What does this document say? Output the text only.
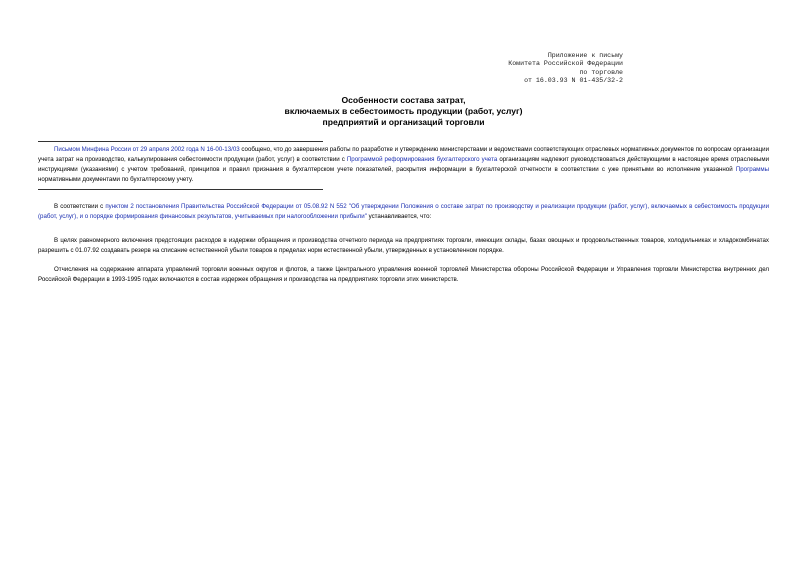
Приложение к письму
Комитета Российской Федерации
по торговле
от 16.03.93 N 01-435/32-2
Особенности состава затрат,
включаемых в себестоимость продукции (работ, услуг)
предприятий и организаций торговли
Письмом Минфина России от 29 апреля 2002 года N 16-00-13/03 сообщено, что до завершения работы по разработке и утверждению министерствами и ведомствами соответствующих отраслевых нормативных документов по вопросам организации учета затрат на производство, калькулирования себестоимости продукции (работ, услуг) в соответствии с Программой реформирования бухгалтерского учета организациям надлежит руководствоваться действующими в настоящее время отраслевыми инструкциями (указаниями) с учетом требований, принципов и правил признания в бухгалтерском учете показателей, раскрытия информации в бухгалтерской отчетности в соответствии с уже принятыми во исполнение указанной Программы нормативными документами по бухгалтерскому учету.
В соответствии с пунктом 2 постановления Правительства Российской Федерации от 05.08.92 N 552 "Об утверждении Положения о составе затрат по производству и реализации продукции (работ, услуг), включаемых в себестоимость продукции (работ, услуг), и о порядке формирования финансовых результатов, учитываемых при налогообложении прибыли" устанавливается, что:
В целях равномерного включения предстоящих расходов в издержки обращения и производства отчетного периода на предприятиях торговли, имеющих склады, базах овощных и продовольственных товаров, холодильниках и хладокомбинатах разрешить с 01.07.92 создавать резерв на списание естественной убыли товаров в пределах норм естественной убыли, утвержденных в установленном порядке.
Отчисления на содержание аппарата управлений торговли военных округов и флотов, а также Центрального управления военной торговлей Министерства обороны Российской Федерации и Управления торговли Министерства внутренних дел Российской Федерации в 1993-1995 годах включаются в состав издержек обращения и производства на предприятиях торговли этих министерств.
